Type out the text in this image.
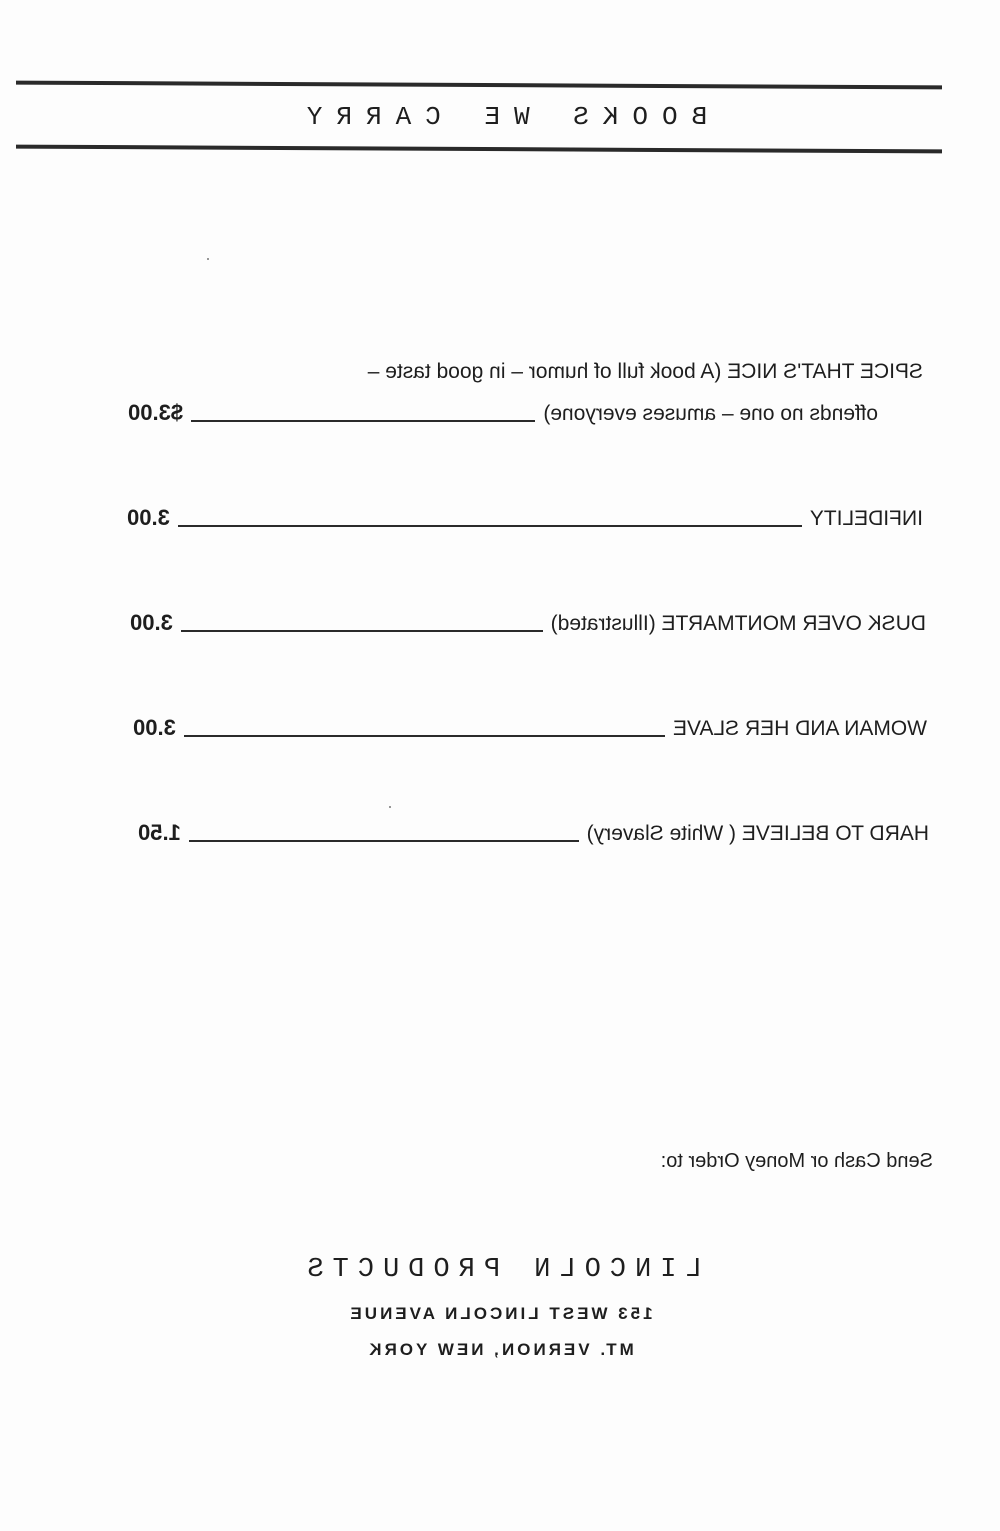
BOOKS WE CARRY
SPICE THAT'S NICE (A book full of humor – in good taste –
offends no one – amuses everyone)
$3.00
INFIDELITY
3.00
DUSK OVER MONTMARTE (Illustrated)
3.00
WOMAN AND HER SLAVE
3.00
HARD TO BELIEVE ( White Slavery)
1.50
Send Cash or Money Order to:
LINCOLN PRODUCTS
153 WEST LINCOLN AVENUE
MT. VERNON, NEW YORK
